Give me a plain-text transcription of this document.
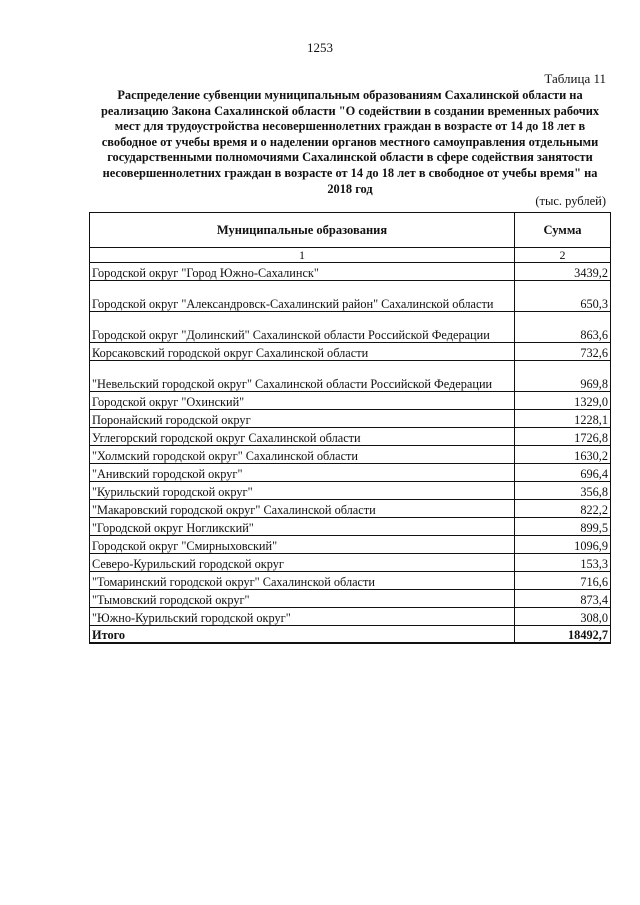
1253
Таблица 11
Распределение субвенции муниципальным образованиям Сахалинской области на
реализацию Закона Сахалинской области "О содействии в создании временных рабочих
мест для трудоустройства несовершеннолетних граждан в возрасте от 14 до 18 лет в
свободное от учебы время и о наделении органов местного самоуправления отдельными
государственными полномочиями Сахалинской области в сфере содействия занятости
несовершеннолетних граждан в возрасте от 14 до 18 лет в свободное от учебы время" на
2018 год
(тыс. рублей)
Муниципальные образования	Сумма
1	2
Городской округ "Город Южно-Сахалинск"	3439,2
Городской округ "Александровск-Сахалинский район" Сахалинской области	650,3
Городской округ "Долинский" Сахалинской области Российской Федерации	863,6
Корсаковский городской округ Сахалинской области	732,6
"Невельский городской округ" Сахалинской области Российской Федерации	969,8
Городской округ "Охинский"	1329,0
Поронайский городской округ	1228,1
Углегорский городской округ Сахалинской области	1726,8
"Холмский городской округ" Сахалинской области	1630,2
"Анивский городской округ"	696,4
"Курильский городской округ"	356,8
"Макаровский городской округ" Сахалинской области	822,2
"Городской округ Ногликский"	899,5
Городской округ "Смирныховский"	1096,9
Северо-Курильский городской округ	153,3
"Томаринский городской округ" Сахалинской области	716,6
"Тымовский городской округ"	873,4
"Южно-Курильский городской округ"	308,0
Итого	18492,7
